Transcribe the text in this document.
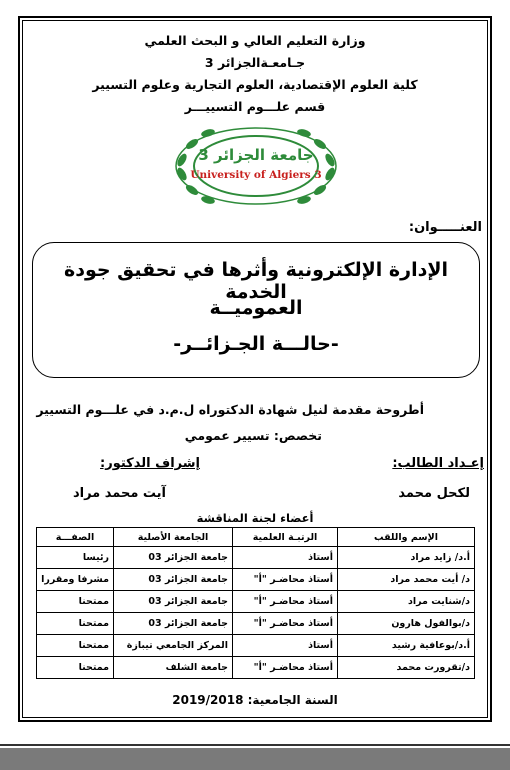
وزارة التعليم العالي و البحث العلمي
جـامعـةالجزائر 3
كلية العلوم الإقتصادية، العلوم التجارية وعلوم التسيير
قسم علـــوم التسييـــر
جامعة الجزائر 3
University of Algiers 3
العنـــــوان:
الإدارة الإلكترونية وأثرها في تحقيق جودة الخدمة
العموميــة
-حالـــة الجـزائــر-
أطروحة مقدمة لنيل شهادة الدكتوراه ل.م.د في علـــوم التسيير
تخصص: تسيير عمومي
إعـداد الطالب:
إشراف الدكتور:
لكحل محمد
آيت محمد مراد
أعضاء لجنة المناقشة
الإسم واللقب	الرتبـة العلمية	الجامعة الأصلية	الصفـــة
أ.د/ زايد مراد	أستاذ	جامعة الجزائر 03	رئيسا
د/ أيت محمد مراد	أستاذ محاضـر "أ"	جامعة الجزائر 03	مشرفا ومقررا
د/شنايت مراد	أستاذ محاضـر "أ"	جامعة الجزائر 03	ممتحنا
د/بوالفول هارون	أستاذ محاضـر "أ"	جامعة الجزائر 03	ممتحنا
أ.د/بوعافية رشيد	أستاذ	المركز الجامعي تيبازة	ممتحنا
د/تقرورت محمد	أستاذ محاضـر "أ"	جامعة الشلف	ممتحنا
السنة الجامعية: 2019/2018
